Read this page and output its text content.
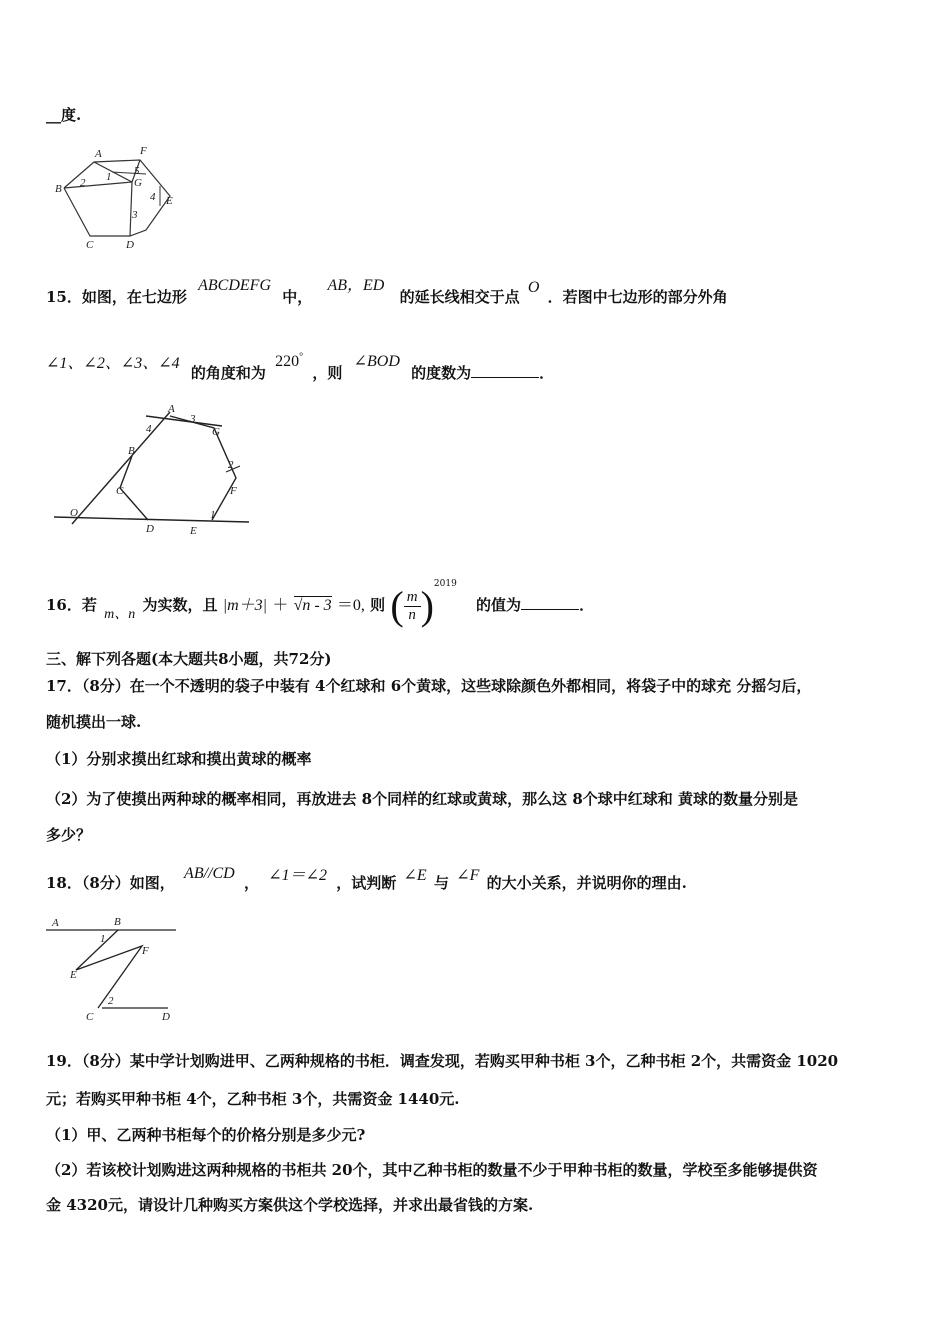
__度.
A	F
B 2 1 5
G
4 E
3
C	D
15．如图，在七边形 ABCDEFG 中， AB，ED 的延长线相交于点 O ．若图中七边形的部分外角
∠1、∠2、∠3、∠4 的角度和为 220° ，则 ∠BOD 的度数为	．
A
3
G
4
B
2
F
C
O
D	E
1
16．若 m、n 为实数，且 |m＋3| ＋ √n - 3 ＝0, 则 ( $\frac{m}{n} )^{2019}$ 的值为	．
三、解下列各题(本大题共8小题，共72分)
17．（8分）在一个不透明的袋子中装有 4个红球和 6个黄球，这些球除颜色外都相同，将袋子中的球充 分摇匀后，
随机摸出一球.
（1）分别求摸出红球和摸出黄球的概率
（2）为了使摸出两种球的概率相同，再放进去 8个同样的红球或黄球，那么这 8个球中红球和 黄球的数量分别是
多少？
18．（8分）如图， AB//CD ， ∠1＝∠2 ，试判断 ∠E 与 ∠F 的大小关系，并说明你的理由.
A	B
1
F
E
2
C	D
19．（8分）某中学计划购进甲、乙两种规格的书柜．调查发现，若购买甲种书柜 3个，乙种书柜 2个，共需资金 1020
元；若购买甲种书柜 4个，乙种书柜 3个，共需资金 1440元.
（1）甲、乙两种书柜每个的价格分别是多少元?
（2）若该校计划购进这两种规格的书柜共 20个，其中乙种书柜的数量不少于甲种书柜的数量，学校至多能够提供资
金 4320元，请设计几种购买方案供这个学校选择，并求出最省钱的方案.
